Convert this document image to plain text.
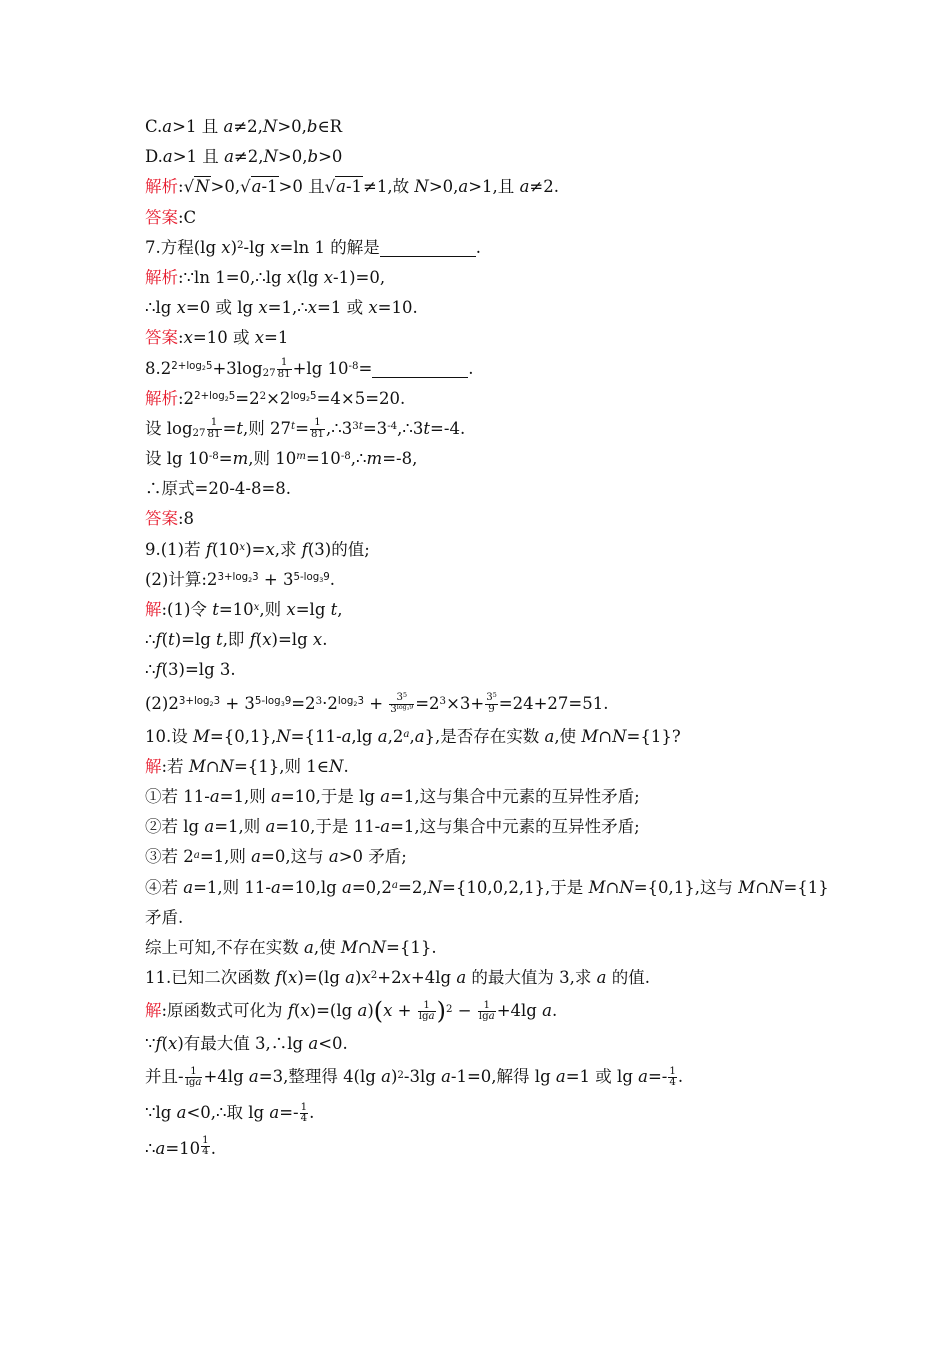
C.a>1 且 a≠2,N>0,b∈R
D.a>1 且 a≠2,N>0,b>0
解析:√N>0,√a-1>0 且√a-1≠1,故 N>0,a>1,且 a≠2.
答案:C
7.方程(lg x)$^2$-lg x=ln 1 的解是	.
解析:∵ln 1=0,∴lg x(lg x-1)=0,
∴lg x=0 或 lg x=1,∴x=1 或 x=10.
答案:x=10 或 x=1
$8.2^{2+log_25}+3\log_{27} \frac{1}{81} +\lg$ $10^{-8}=$	.
解析$:2^{2+log_25}=2^2\times 2^{log_25}=4\times 5=20$.
设 $\log_{27} \frac{1}{81} =t$,则 $27^t= \frac{1}{81}$ $,\therefore 3^{3t}=3^{-4},\therefore 3t=-4$.
设 $\lg 10^{-8}=m$,则 $10^m=10^{-8},\therefore m=-8$,
∴原式=20-4-8=8.
答案:8
9.(1)若 $f(10^x)=x$,求 f(3)的值;
(2)计算$:2^{3+log_23} + 3^{5-log_39}$.
解:(1)令 $t=10^x$,则 x=lg t,
∴f(t)=lg t,即 f(x)=lg x.
∴f(3)=lg 3.
$(2)2^{3+log_23} + 3^{5-log_39}=2^3\cdot 2^{log_23} + \frac{3^5}{3^{log_39}} =2^3\times 3+ \frac{3^5}{9} =24+27=51$.
10.设 M={0,1},N={11-a,lg a,2$^a$,a},是否存在实数 a,使 M∩N={1}?
解:若 M∩N={1},则 1∈N.
①若 11-a=1,则 a=10,于是 lg a=1,这与集合中元素的互异性矛盾;
②若 lg a=1,则 a=10,于是 11-a=1,这与集合中元素的互异性矛盾;
③若 $2^a=1$,则 a=0,这与 a>0 矛盾;
④若 a=1,则 11-a=10,lg a=0,2$^a$=2,N={10,0,2,1},于是 M∩N={0,1},这与 M∩N={1}
矛盾.
综上可知,不存在实数 a,使 M∩N={1}.
11.已知二次函数 f(x)=(lg $a)x^2+2x+4\lg$ a 的最大值为 3,求 a 的值.
解:原函数式可化为 f(x)=(lg $a)(x + \frac{1}{\lg a} )^2 - \frac{1}{\lg a} +4\lg$ a.
∵f(x)有最大值 3,∴lg a<0.
并且- $\frac{1}{\lg a} +4\lg$ a=3,整理得 4(lg a)$^2$-3lg a-1=0,解得 lg a=1 或 $\lg a=- \frac{1}{4}$ .
∵lg a<0,∴取 $\lg a=- \frac{1}{4}$ .
∴a=10 $^{\frac{1}{4}}$ .
